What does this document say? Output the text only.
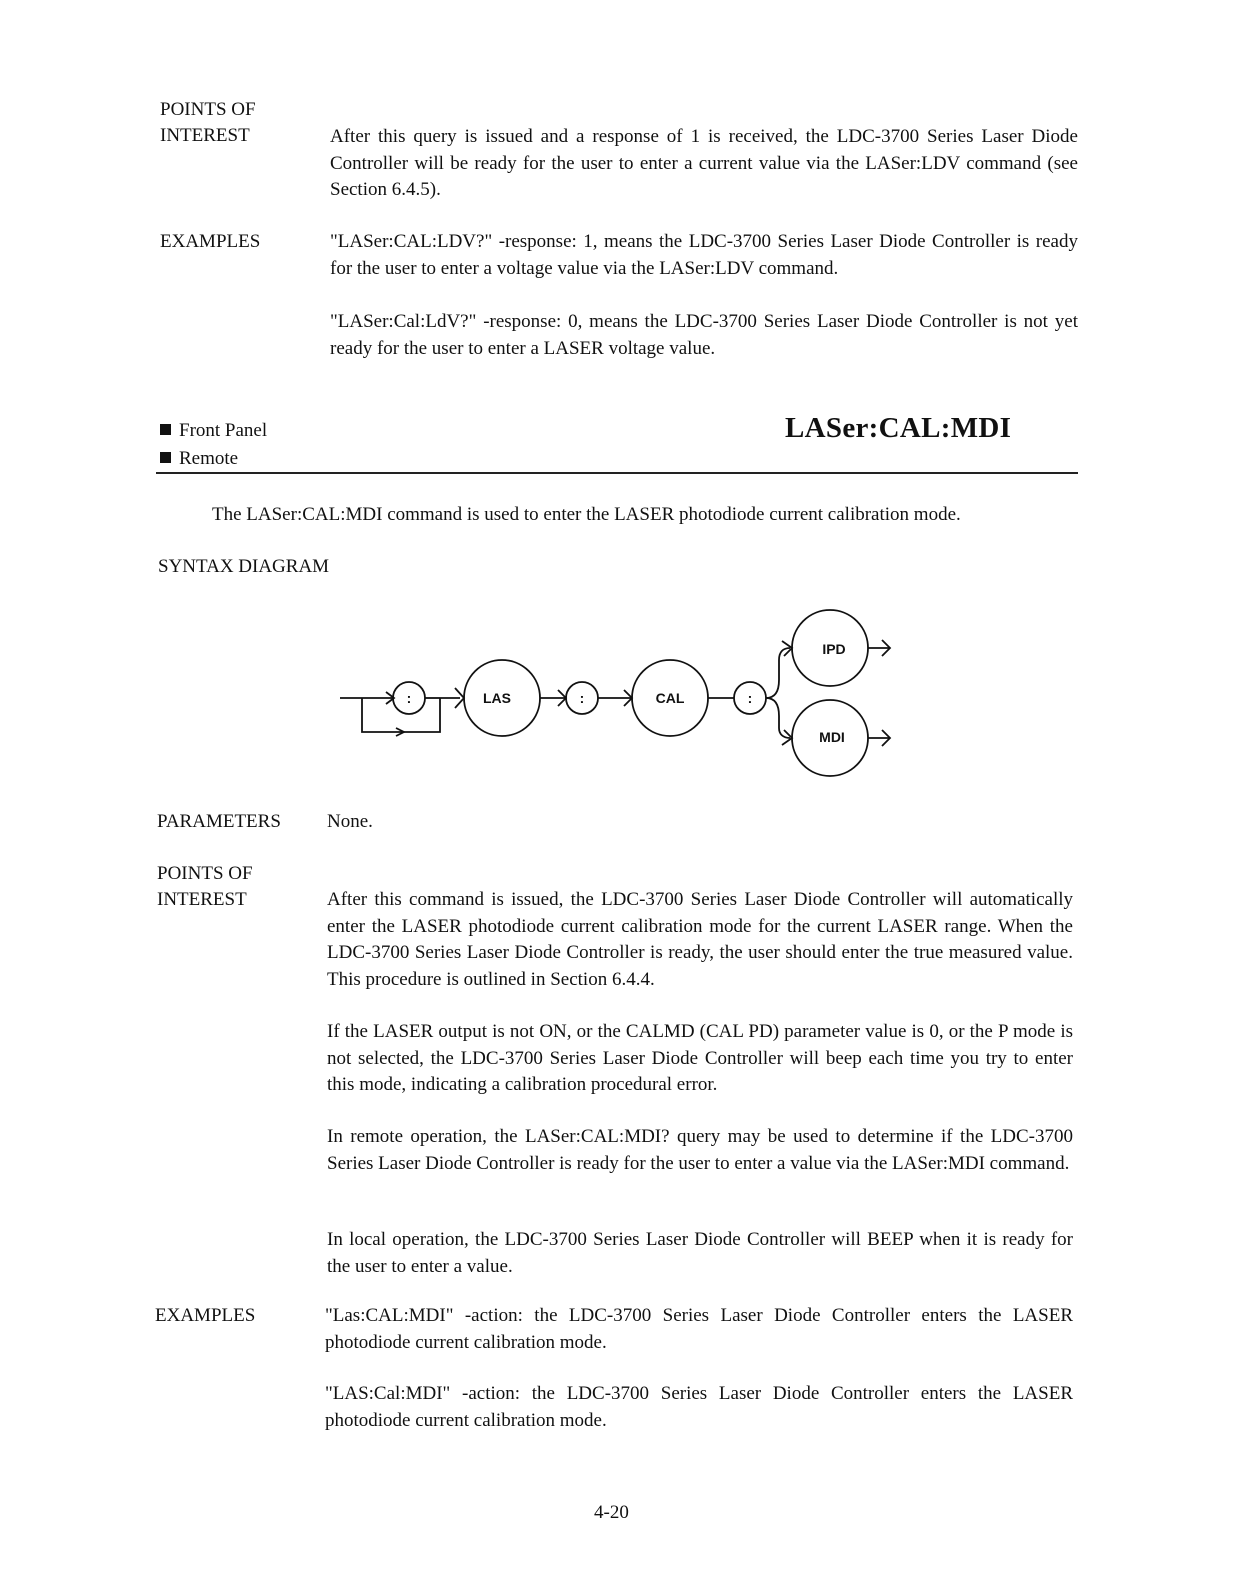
POINTS OF
INTEREST	After this query is issued and a response of 1 is received, the LDC-3700 Series Laser Diode Controller will be ready for the user to enter a current value via the LASer:LDV command (see Section 6.4.5).
EXAMPLES	"LASer:CAL:LDV?" -response: 1, means the LDC-3700 Series Laser Diode Controller is ready for the user to enter a voltage value via the LASer:LDV command.
"LASer:Cal:LdV?" -response: 0, means the LDC-3700 Series Laser Diode Controller is not yet ready for the user to enter a LASER voltage value.
Front Panel
Remote
LASer:CAL:MDI
The LASer:CAL:MDI command is used to enter the LASER photodiode current calibration mode.
SYNTAX DIAGRAM
:	LAS	:	CAL	:
IPD
MDI
PARAMETERS None.
POINTS OF
INTEREST	After this command is issued, the LDC-3700 Series Laser Diode Controller will automatically enter the LASER photodiode current calibration mode for the current LASER range. When the LDC-3700 Series Laser Diode Controller is ready, the user should enter the true measured value. This procedure is outlined in Section 6.4.4.
If the LASER output is not ON, or the CALMD (CAL PD) parameter value is 0, or the P mode is not selected, the LDC-3700 Series Laser Diode Controller will beep each time you try to enter this mode, indicating a calibration procedural error.
In remote operation, the LASer:CAL:MDI? query may be used to determine if the LDC-3700 Series Laser Diode Controller is ready for the user to enter a value via the LASer:MDI command.
In local operation, the LDC-3700 Series Laser Diode Controller will BEEP when it is ready for the user to enter a value.
EXAMPLES	"Las:CAL:MDI" -action: the LDC-3700 Series Laser Diode Controller enters the LASER photodiode current calibration mode.
"LAS:Cal:MDI" -action: the LDC-3700 Series Laser Diode Controller enters the LASER photodiode current calibration mode.
4-20
